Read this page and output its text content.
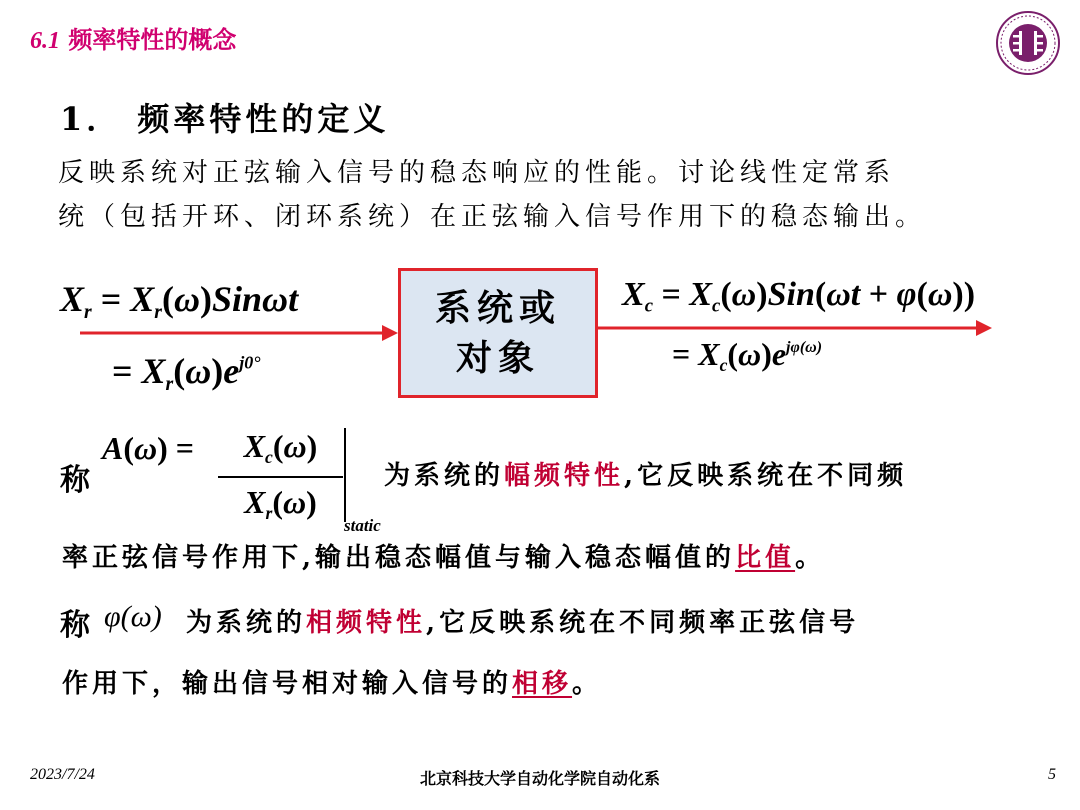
6.1 频率特性的概念
1． 频率特性的定义
反映系统对正弦输入信号的稳态响应的性能。讨论线性定常系
统（包括开环、闭环系统）在正弦输入信号作用下的稳态输出。
$X_r = X_r(\omega)Sin\omega t$
= $X_r(\omega)e^{j0^\circ}$
系统或
对象
$X_c = X_c(\omega)Sin(\omega t + \varphi(\omega))$
= $X_c(\omega)e^{j\varphi(\omega)}$
称
A(ω) =	$X_c(\omega)$
$X_r(\omega)$
static
为系统的幅频特性,它反映系统在不同频
率正弦信号作用下,输出稳态幅值与输入稳态幅值的比值。
称 φ(ω) 为系统的相频特性,它反映系统在不同频率正弦信号
作用下，输出信号相对输入信号的相移。
2023/7/24	北京科技大学自动化学院自动化系	5
